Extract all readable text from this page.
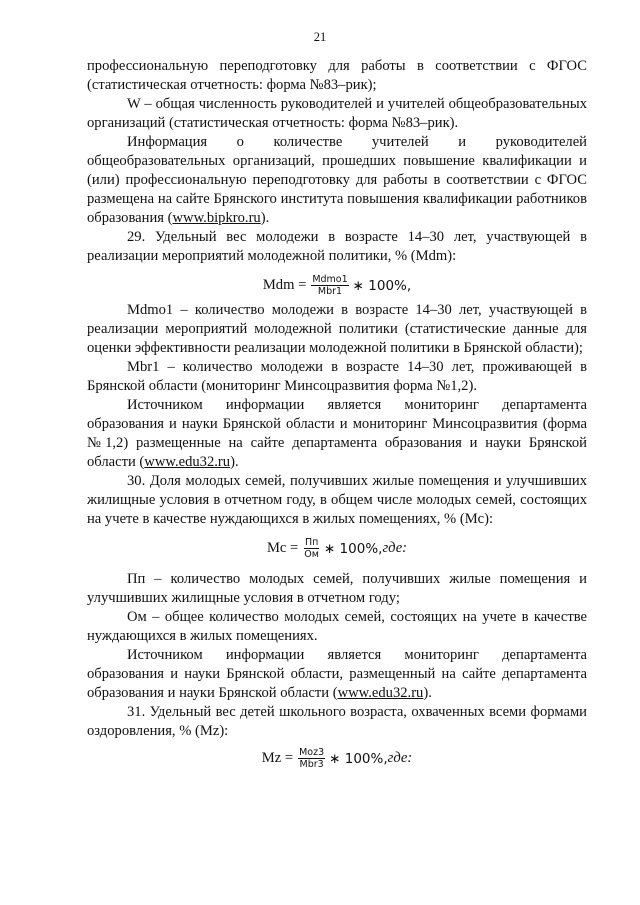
21

профессиональную переподготовку для работы в соответствии с ФГОС (статистическая отчетность: форма №83–рик);

W – общая численность руководителей и учителей общеобразовательных организаций (статистическая отчетность: форма №83–рик).

Информация о количестве учителей и руководителей общеобразовательных организаций, прошедших повышение квалификации и (или) профессиональную переподготовку для работы в соответствии с ФГОС размещена на сайте Брянского института повышения квалификации работников образования (www.bipkro.ru).

29. Удельный вес молодежи в возрасте 14–30 лет, участвующей в реализации мероприятий молодежной политики, % (Mdm):

Mdm = $\frac{\text{Mdmo1}}{\text{Mbr1}}$ ∗ 100%,

Mdmo1 – количество молодежи в возрасте 14–30 лет, участвующей в реализации мероприятий молодежной политики (статистические данные для оценки эффективности реализации молодежной политики в Брянской области);

Mbr1 – количество молодежи в возрасте 14–30 лет, проживающей в Брянской области (мониторинг Минсоцразвития форма №1,2).

Источником информации является мониторинг департамента образования и науки Брянской области и мониторинг Минсоцразвития (форма №1,2) размещенные на сайте департамента образования и науки Брянской области (www.edu32.ru).

30. Доля молодых семей, получивших жилые помещения и улучшивших жилищные условия в отчетном году, в общем числе молодых семей, состоящих на учете в качестве нуждающихся в жилых помещениях, % (Мс):

$Mc = \frac{Пп}{Ом}$ ∗ 100%, где:

Пп – количество молодых семей, получивших жилые помещения и улучшивших жилищные условия в отчетном году;

Ом – общее количество молодых семей, состоящих на учете в качестве нуждающихся в жилых помещениях.

Источником информации является мониторинг департамента образования и науки Брянской области, размещенный на сайте департамента образования и науки Брянской области (www.edu32.ru).

31. Удельный вес детей школьного возраста, охваченных всеми формами оздоровления, % (Mz):

$Mz = \frac{\text{Moz3}}{\text{Mbr3}}$ ∗ 100%, где:
